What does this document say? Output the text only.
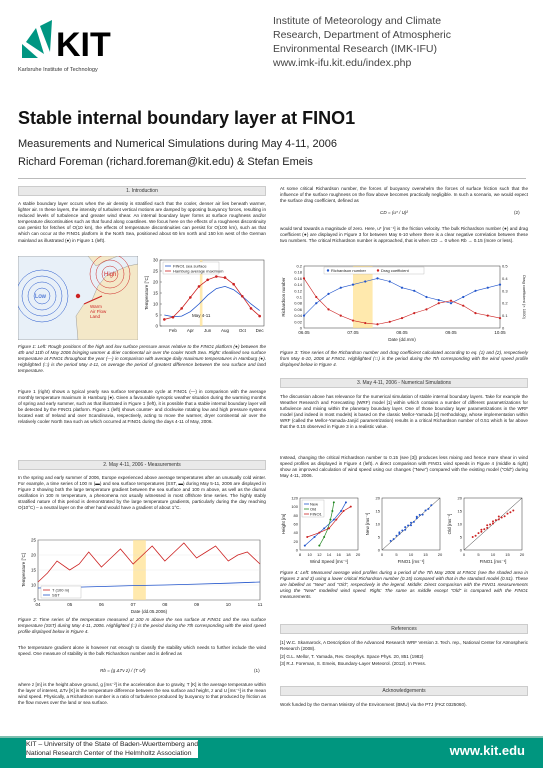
KIT
Karlsruhe Institute of Technology
Institute of Meteorology and Climate
Research, Department of Atmospheric
Environmental Research (IMK-IFU)
www.imk-ifu.kit.edu/index.php
Stable internal boundary layer at FINO1
Measurements and Numerical Simulations during May 4-11, 2006
Richard Foreman (richard.foreman@kit.edu) & Stefan Emeis
1. Introduction
A stable boundary layer occurs when the air density is stratified such that the cooler, denser air lies beneath warmer, lighter air. In these layers, the intensity of turbulent vertical motions are damped by opposing buoyancy forces, resulting in reduced levels of turbulence and greater wind shear. An internal boundary layer forms at surface roughness and/or temperature discontinuities such as that found along coastlines. We focus here on the effects of a roughness discontinuity can persist for fetches of O(10 km), the effects of temperature discontinuities can persist for O(100 km), such as that which can occur at the FINO1 platform in the North Sea, positioned about 60 km north and 150 km west of the German mainland as illustrated (●) in Figure 1 (left).
Low
High
Warm
Air Flow
Land
0
5
10
15
20
25
30
Feb Apr Jun Aug Oct Dec
Temperature [°C]
FINO1 sea surface
Hamburg average maximum
May 4-11
Figure 1: Left: Rough positions of the high and low surface pressure areas relative to the FINO1 platform (●) between the 4th and 11th of May 2006 bringing warmer & drier continental air over the cooler North Sea. Right: Idealised sea surface temperature at FINO1 throughout the year (—) in comparison with average daily maximum temperatures in Hamburg (●). Highlighted (□) is the period May 4-11, on average the period of greatest difference between the sea surface and land temperature.
Figure 1 (right) shows a typical yearly sea surface temperature cycle at FINO1 (—) in comparison with the average monthly temperature maximum in Hamburg (●). Given a favourable synoptic weather situation during the warming months of spring and early summer, such as that illustrated in Figure 1 (left), it is possible that a stable internal boundary layer will be detected by the FINO1 platform. Figure 1 (left) shows counter- and clockwise rotating low and high pressure systems located east of Ireland and over Scandinavia, respectively, acting to move the warmer, dryer continental air over the relatively cooler North Sea such as which occurred at FINO1 during the days 4-11 of May, 2006.
2. May 4-11, 2006 - Measurements
In the spring and early summer of 2006, Europe experienced above average temperatures after an unusually cold winter. For example, a time series of 100 m (▬) and sea surface temperatures (SST, ▬) during May 5-11, 2006 are displayed in Figure 2 showing both the large temperature gradient between the sea surface and 100 m above, as well as the diurnal oscillation in 100 m temperature, a phenomena not usually witnessed in most offshore time series. The highly stably stratified nature of this period is demonstrated by the large temperature gradients, particularly during the day reaching O(10°C) – a neutral layer on the other hand would have a gradient of about 1°C.
5
10
15
20
25
04	05	06	07	08	09	10	11
Date (dd.05.2006)
Temperature [°C]
T (100 m)
SST
Figure 2: Time series of the temperature measured at 100 m above the sea surface at FINO1 and the sea surface temperature (SST) during May 4-11, 2006. Highlighted (□) is the period during the 7th corresponding with the wind speed profile displayed below in Figure 4.
The temperature gradient alone is however not enough to classify the stability which needs to further include the wind speed. One measure of stability is the bulk Richardson number and is defined as
Rb = (g ΔTv z) / (T U²)	(1)
where z [m] is the height above ground, g [ms⁻²] is the acceleration due to gravity, T [K] is the average temperature within the layer of interest, ΔTv [K] is the temperature difference between the sea surface and height, z and U [ms⁻¹] is the mean wind speed. Physically, a Richardson number is a ratio of turbulence produced by buoyancy to that produced by friction as the flow moves over the land or sea surface.
At some critical Richardson number, the forces of buoyancy overwhelm the forces of surface friction such that the influence of the surface roughness on the flow above becomes practically negligible. In such a scenario, we would expect the surface drag coefficient, defined as
CD = (u* / U)²	(2)
would tend towards a magnitude of zero. Here, u* [ms⁻¹] is the friction velocity. The bulk Richardson number (●) and drag coefficient (●) are displayed in Figure 3 for between May 6-10 where there is a clear negative correlation between these two numbers. The critical Richardson number is approached, that is when CD → 0 when Rb → 0.15 (more or less).
0
0.02
0.04
0.06
0.08
0.1
0.12
0.14
0.16
0.18
0.2
0
0.1
0.2
0.3
0.4
0.5
06.05	07.05	08.05	09.05	10.05
Date (dd.mm)
Richardson number	Drag coefficient (× 1000)
Richardson number	Drag coefficient
Figure 3: Time series of the Richardson number and drag coefficient calculated according to eq. (1) and (2), respectively from May 6-10, 2006 at FINO1. Highlighted (□) is the period during the 7th corresponding with the wind speed profile displayed below in Figure 4.
3. May 4-11, 2006 - Numerical Simulations
The discussion above has relevance for the numerical simulation of stable internal boundary layers. Take for example the Weather Research and Forecasting (WRF) model [1] within which contains a number of different parametrizations for turbulence and mixing within the planetary boundary layer. One of those boundary layer parametrizations in the WRF model (and indeed in most models) is based on the classic Mellor-Yamada [2] methodology, whose implementation within WRF (called the Mellor-Yamada-Janjić parametrization) results in a critical Richardson number of 0.51 which is far above that the 0.15 observed in Figure 3 in a realistic value.
Instead, changing the critical Richardson number to 0.15 (see [3]) produces less mixing and hence more shear in wind speed profiles as displayed in Figure 4 (left). A direct comparison with FINO1 wind speeds in Figure 4 (middle & right) show an improved calculation of wind speed using our changes ("New") compared with the existing model ("Old") during May 4-11, 2006.
0
20
40
60
80
100
120
8 10 12 14 16 18 20
Wind Speed [ms⁻¹]
Height [m]
New
Old
FINO1
0
5
10
15
20
0	5	10	15	20
FINO1 [ms⁻¹]
New [ms⁻¹]
0
5
10
15
20
0	5	10	15	20
FINO1 [ms⁻¹]
Old [ms⁻¹]
Figure 4: Left: Measured average wind profiles during a period of the 7th May 2006 at FINO1 (see the shaded area in Figures 2 and 3) using a lower critical Richardson number (0.15) compared with that in the standard model (0.51). These are labelled as "New" and "Old", respectively in the legend. Middle: Direct comparison with the FINO1 measurements using the "New" modelled wind speed. Right: The same as middle except "Old" is compared with the FINO1 measurements.
References
[1] W.C. Skamarock, A Description of the Advanced Research WRF Version 3. Tech. rep., National Center for Atmospheric Research (2008).
[2] G.L. Mellor, T. Yamada, Rev. Geophys. Space Phys. 20, 851 (1982)
[3] R.J. Foreman, S. Emeis, Boundary-Layer Meteorol. (2012). In Press.
Acknowledgements
Work funded by the German Ministry of the Environment (BMU) via the PTJ (FKZ 0325060).
KIT – University of the State of Baden-Wuerttemberg and
National Research Center of the Helmholtz Association	www.kit.edu
